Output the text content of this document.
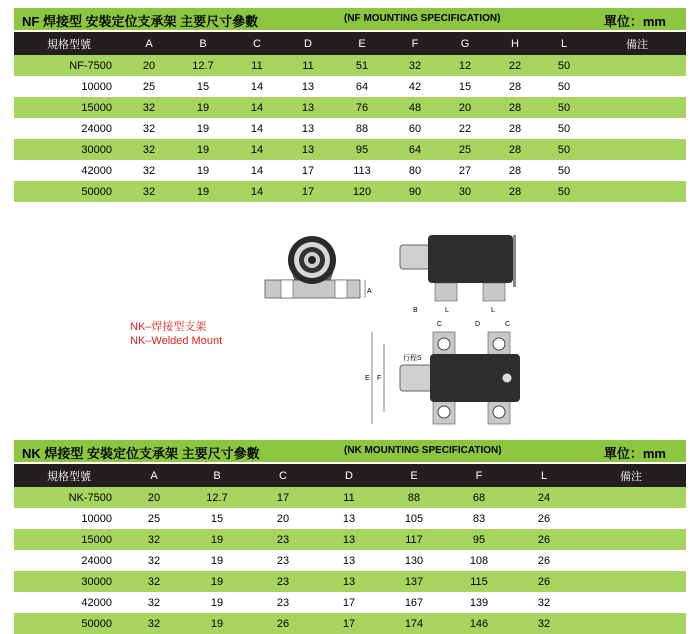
NF 焊接型 安裝定位支承架 主要尺寸參數	(NF MOUNTING SPECIFICATION)	單位：mm
規格型號	A	B	C	D	E	F	G	H	L	備注
NF-7500	20	12.7	11	11	51	32	12	22	50	
10000	25	15	14	13	64	42	15	28	50	
15000	32	19	14	13	76	48	20	28	50	
24000	32	19	14	13	88	60	22	28	50	
30000	32	19	14	13	95	64	25	28	50	
42000	32	19	14	17	113	80	27	28	50	
50000	32	19	14	17	120	90	30	28	50	
NK–焊接型支架
NK–Welded Mount
A
B	L	L
C	D	C
行程S
E F
NK 焊接型 安裝定位支承架 主要尺寸參數	(NK MOUNTING SPECIFICATION)	單位：mm
規格型號	A	B	C	D	E	F	L	備注
NK-7500	20	12.7	17	11	88	68	24	
10000	25	15	20	13	105	83	26	
15000	32	19	23	13	117	95	26	
24000	32	19	23	13	130	108	26	
30000	32	19	23	13	137	115	26	
42000	32	19	23	17	167	139	32	
50000	32	19	26	17	174	146	32	
